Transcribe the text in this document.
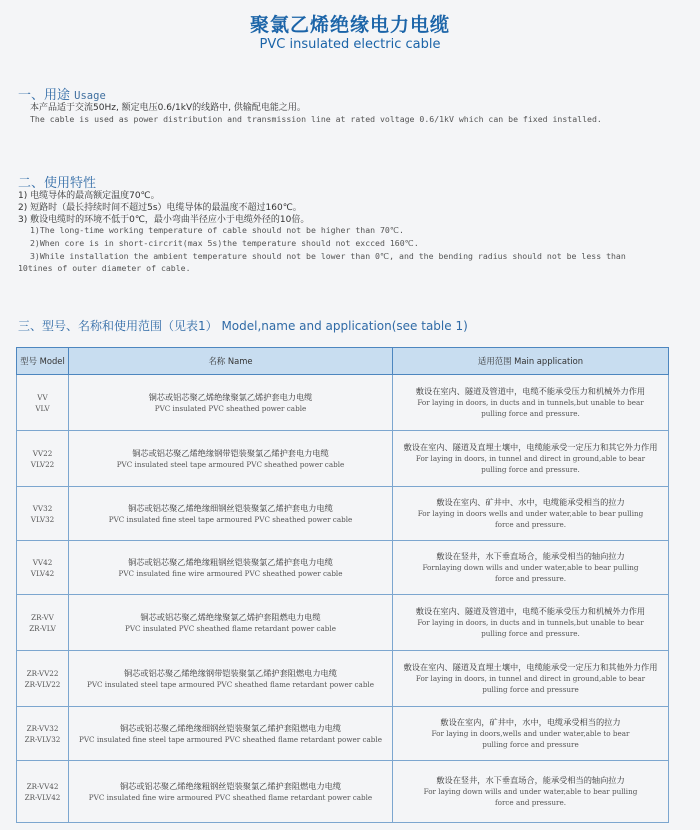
聚氯乙烯绝缘电力电缆
PVC insulated electric cable
一、用途 Usage
本产品适于交流50Hz, 额定电压0.6/1kV的线路中, 供输配电能之用。
The cable is used as power distribution and transmission line at rated voltage 0.6/1kV which can be fixed installed.
二、使用特性
1) 电缆导体的最高额定温度70℃。
2) 短路时（最长持续时间不超过5s）电缆导体的最温度不超过160℃。
3) 敷设电缆时的环境不低于0℃，最小弯曲半径应小于电缆外径的10倍。
1)The long-time working temperature of cable should not be higher than 70℃.
2)When core is in short-circrit(max 5s)the temperature should not excced 160℃.
3)While installation the ambient temperature should not be lower than 0℃, and the bending radius should not be less than
10tines of outer diameter of cable.
三、型号、名称和使用范围（见表1） Model,name and application(see table 1)
型号 Model	名称 Name	适用范围 Main application

VV
VLV	铜芯或铝芯聚乙烯绝缘聚氯乙烯护套电力电缆
PVC insulated PVC sheathed power cable	敷设在室内、隧道及管道中，电缆不能承受压力和机械外力作用
For laying in doors, in ducts and in tunnels,but unable to bear
pulling force and pressure.

VV22
VLV22	铜芯或铝芯聚乙烯绝缘钢带铠装聚氯乙烯护套电力电缆
PVC insulated steel tape armoured PVC sheathed power cable	敷设在室内、隧道及直埋土壤中，电缆能承受一定压力和其它外力作用
For laying in doors, in tunnel and direct in ground,able to bear
pulling force and pressure.

VV32
VLV32	铜芯或铝芯聚乙烯绝缘细钢丝铠装聚氯乙烯护套电力电缆
PVC insulated fine steel tape armoured PVC sheathed power cable	敷设在室内、矿井中、水中，电缆能承受相当的拉力
For laying in doors wells and under water,able to bear pulling
force and pressure.

VV42
VLV42	铜芯或铝芯聚乙烯绝缘粗钢丝铠装聚氯乙烯护套电力电缆
PVC insulated fine wire armoured PVC sheathed power cable	敷设在竖井，水下垂直场合，能承受相当的轴向拉力
Fornlaying down wills and under water,able to bear pulling
force and pressure.

ZR-VV
ZR-VLV	铜芯或铝芯聚乙烯绝缘聚氯乙烯护套阻燃电力电缆
PVC insulated PVC sheathed flame retardant power cable	敷设在室内、隧道及管道中，电缆不能承受压力和机械外力作用
For laying in doors, in ducts and in tunnels,but unable to bear
pulling force and pressure.

ZR-VV22
ZR-VLV22	铜芯或铝芯聚乙烯绝缘钢带铠装聚氯乙烯护套阻燃电力电缆
PVC insulated steel tape armoured PVC sheathed flame retardant power cable	敷设在室内、隧道及直埋土壤中，电缆能承受一定压力和其他外力作用
For laying in doors, in tunnel and direct in ground,able to bear
pulling force and pressure

ZR-VV32
ZR-VLV32	铜芯或铝芯聚乙烯绝缘细钢丝铠装聚氯乙烯护套阻燃电力电缆
PVC insulated fine steel tape armoured PVC sheathed flame retardant power cable	敷设在室内，矿井中，水中，电缆承受相当的拉力
For laying in doors,wells and under water,able to bear
pulling force and pressure

ZR-VV42
ZR-VLV42	铜芯或铝芯聚乙烯绝缘粗钢丝铠装聚氯乙烯护套阻燃电力电缆
PVC insulated fine wire armoured PVC sheathed flame retardant power cable	敷设在竖井，水下垂直场合，能承受相当的轴向拉力
For laying down wills and under water,able to bear pulling
force and pressure.
